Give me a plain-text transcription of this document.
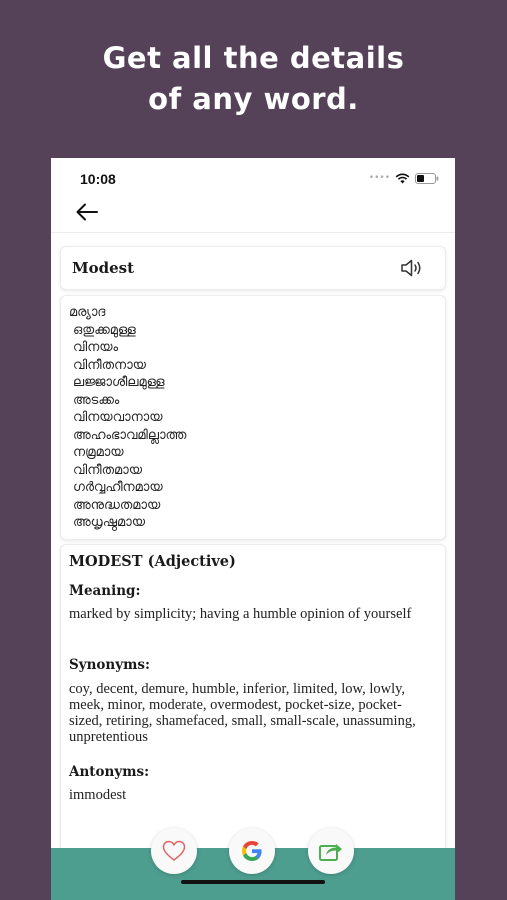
Get all the details
of any word.
10:08	••••
Modest
മര്യാദ
ഒതുക്കമുള്ള
വിനയം
വിനീതനായ
ലജ്ജാശീലമുള്ള
അടക്കം
വിനയവാനായ
അഹംഭാവമില്ലാത്ത
നമ്രമായ
വിനീതമായ
ഗർവ്വഹീനമായ
അനുദ്ധതമായ
അധൃഷ്ഠമായ
MODEST (Adjective)
Meaning:
marked by simplicity; having a humble opinion of yourself
Synonyms:
coy, decent, demure, humble, inferior, limited, low, lowly, meek, minor, moderate, overmodest, pocket-size, pocket-sized, retiring, shamefaced, small, small-scale, unassuming, unpretentious
Antonyms:
immodest
